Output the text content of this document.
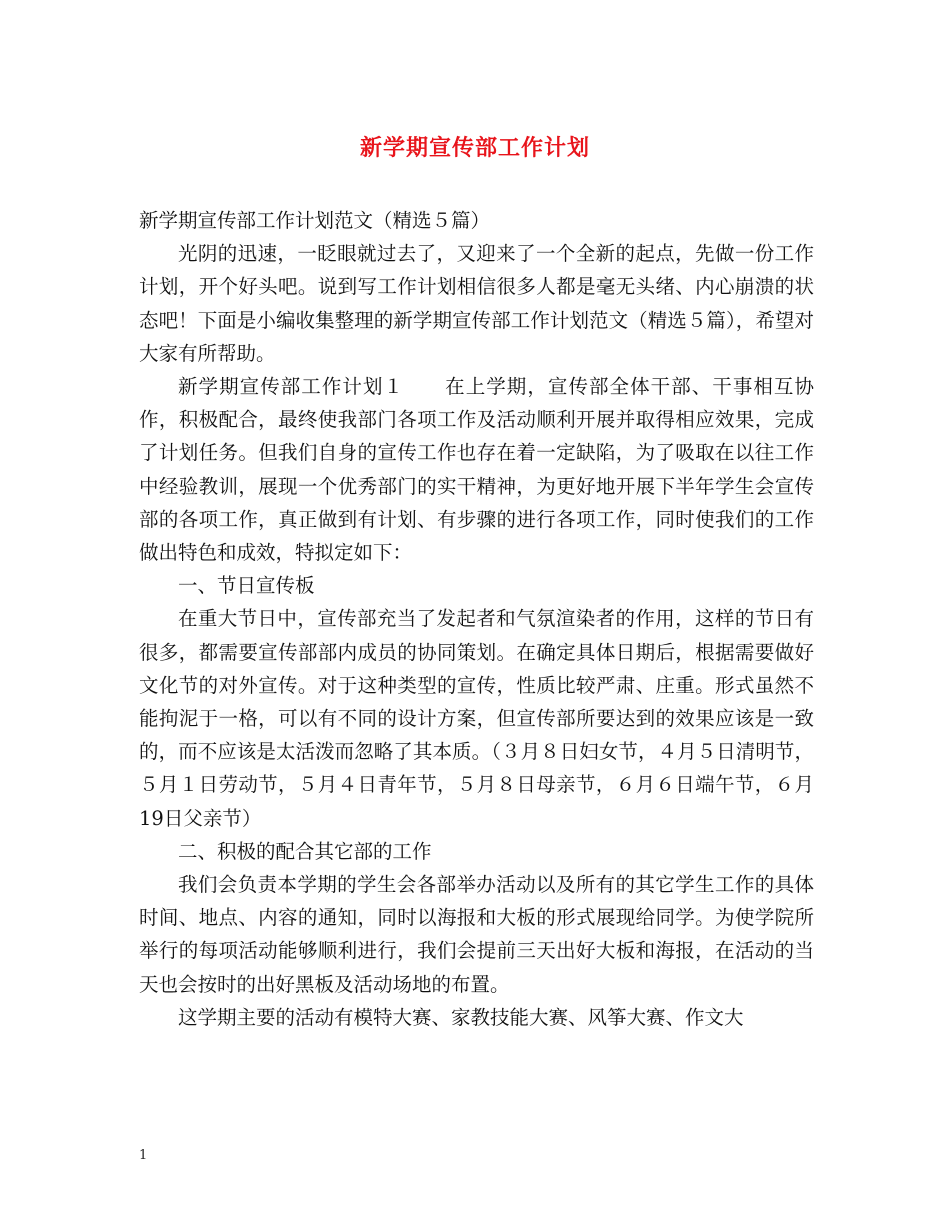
新学期宣传部工作计划

新学期宣传部工作计划范文（精选５篇）

光阴的迅速，一眨眼就过去了，又迎来了一个全新的起点，先做一份工作计划，开个好头吧。说到写工作计划相信很多人都是毫无头绪、内心崩溃的状态吧！下面是小编收集整理的新学期宣传部工作计划范文（精选５篇），希望对大家有所帮助。

新学期宣传部工作计划１　　在上学期，宣传部全体干部、干事相互协作，积极配合，最终使我部门各项工作及活动顺利开展并取得相应效果，完成了计划任务。但我们自身的宣传工作也存在着一定缺陷，为了吸取在以往工作中经验教训，展现一个优秀部门的实干精神，为更好地开展下半年学生会宣传部的各项工作，真正做到有计划、有步骤的进行各项工作，同时使我们的工作做出特色和成效，特拟定如下：

一、节日宣传板

在重大节日中，宣传部充当了发起者和气氛渲染者的作用，这样的节日有很多，都需要宣传部部内成员的协同策划。在确定具体日期后，根据需要做好文化节的对外宣传。对于这种类型的宣传，性质比较严肃、庄重。形式虽然不能拘泥于一格，可以有不同的设计方案，但宣传部所要达到的效果应该是一致的，而不应该是太活泼而忽略了其本质。（３月８日妇女节，４月５日清明节，５月１日劳动节，５月４日青年节，５月８日母亲节，６月６日端午节，６月19日父亲节）

二、积极的配合其它部的工作

我们会负责本学期的学生会各部举办活动以及所有的其它学生工作的具体时间、地点、内容的通知，同时以海报和大板的形式展现给同学。为使学院所举行的每项活动能够顺利进行，我们会提前三天出好大板和海报，在活动的当天也会按时的出好黑板及活动场地的布置。

这学期主要的活动有模特大赛、家教技能大赛、风筝大赛、作文大

1
